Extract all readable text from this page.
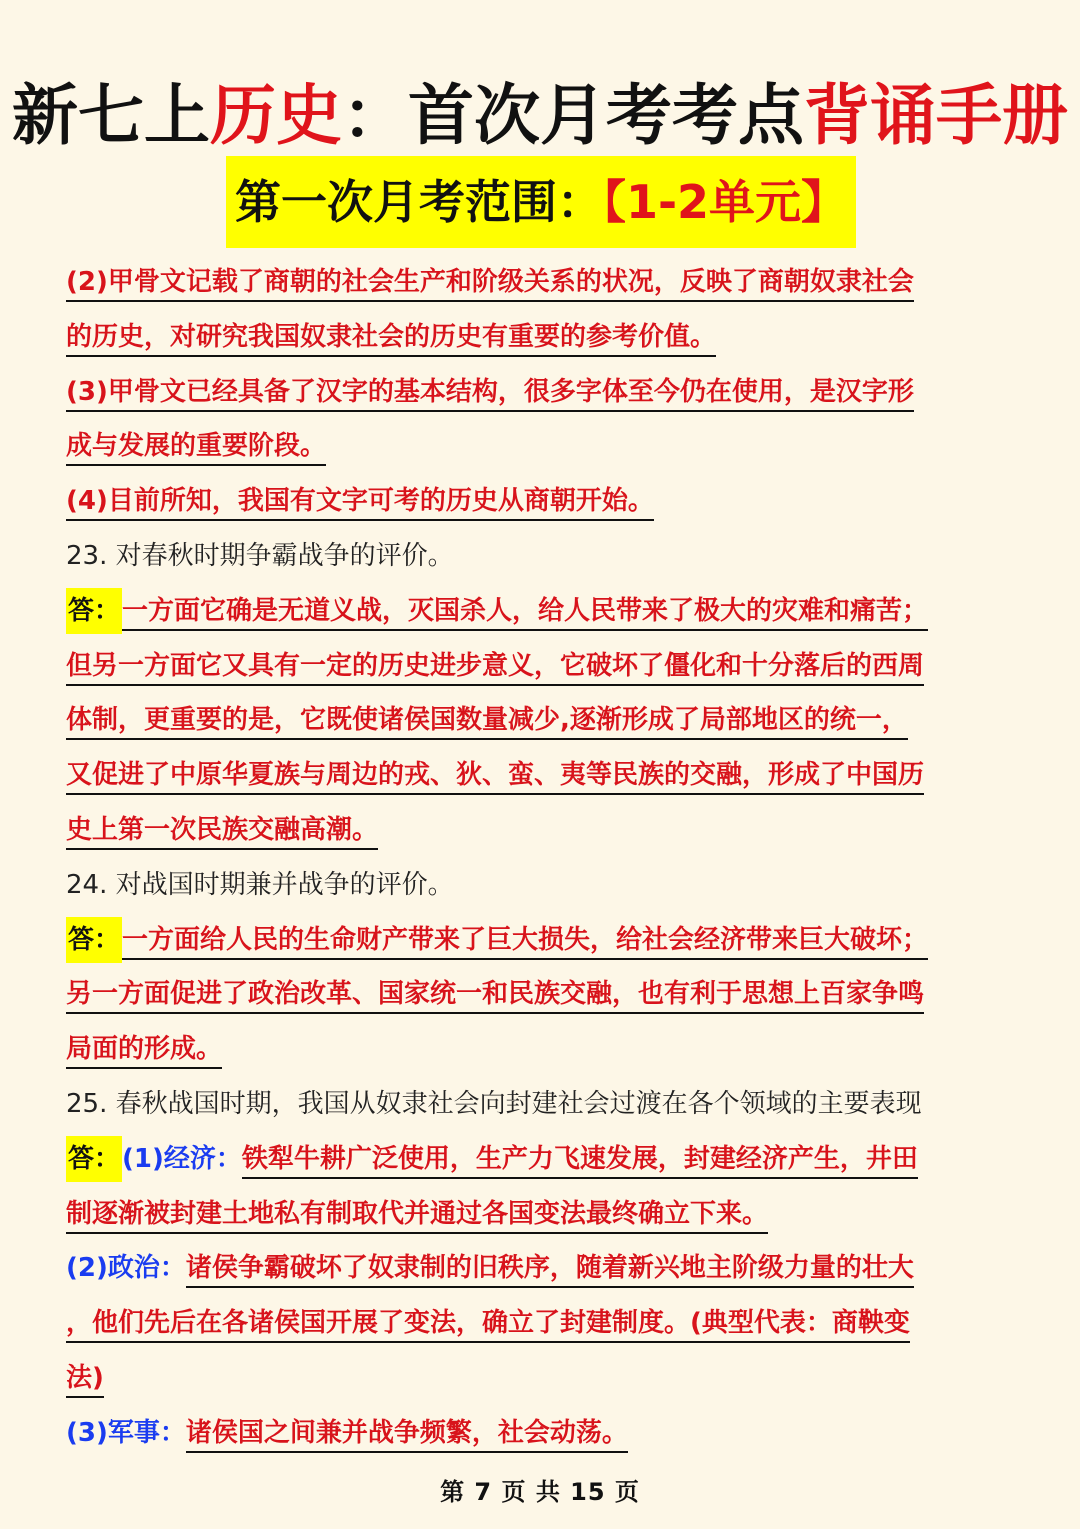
新七上历史：首次月考考点背诵手册
第一次月考范围：【1-2单元】
(2)甲骨文记载了商朝的社会生产和阶级关系的状况，反映了商朝奴隶社会
的历史，对研究我国奴隶社会的历史有重要的参考价值。
(3)甲骨文已经具备了汉字的基本结构，很多字体至今仍在使用，是汉字形
成与发展的重要阶段。
(4)目前所知，我国有文字可考的历史从商朝开始。
23. 对春秋时期争霸战争的评价。
答：一方面它确是无道义战，灭国杀人，给人民带来了极大的灾难和痛苦；
但另一方面它又具有一定的历史进步意义，它破坏了僵化和十分落后的西周
体制，更重要的是，它既使诸侯国数量减少,逐渐形成了局部地区的统一，
又促进了中原华夏族与周边的戎、狄、蛮、夷等民族的交融，形成了中国历
史上第一次民族交融高潮。
24. 对战国时期兼并战争的评价。
答：一方面给人民的生命财产带来了巨大损失，给社会经济带来巨大破坏；
另一方面促进了政治改革、国家统一和民族交融，也有利于思想上百家争鸣
局面的形成。
25. 春秋战国时期，我国从奴隶社会向封建社会过渡在各个领域的主要表现
答：(1)经济：铁犁牛耕广泛使用，生产力飞速发展，封建经济产生，井田
制逐渐被封建土地私有制取代并通过各国变法最终确立下来。
(2)政治：诸侯争霸破坏了奴隶制的旧秩序，随着新兴地主阶级力量的壮大
，他们先后在各诸侯国开展了变法，确立了封建制度。(典型代表：商鞅变
法)
(3)军事：诸侯国之间兼并战争频繁，社会动荡。
第 7 页 共 15 页
